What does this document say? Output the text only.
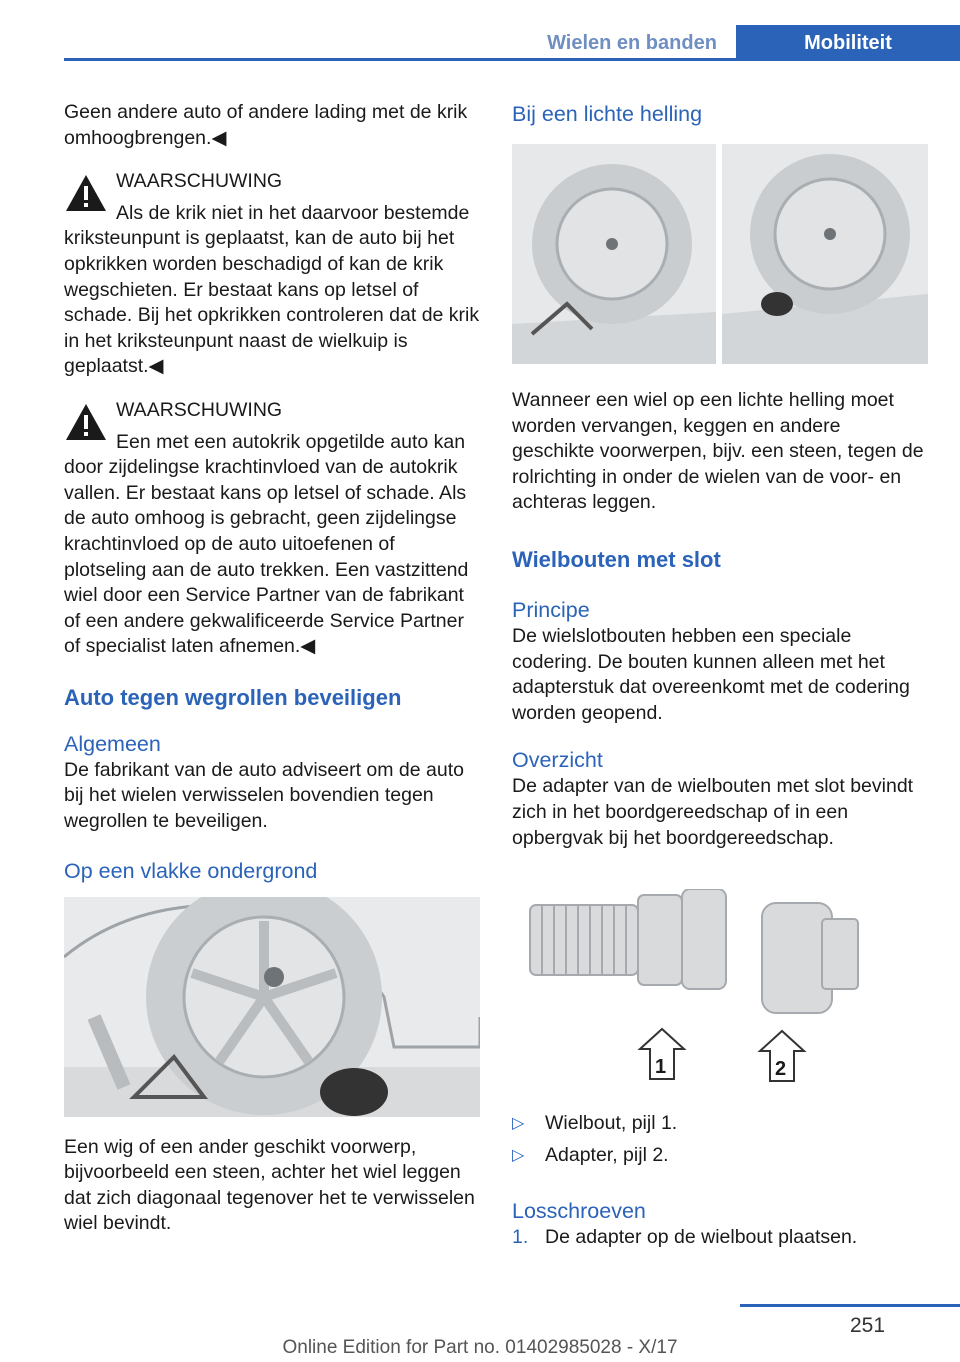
Wielen en banden	Mobiliteit

Geen andere auto of andere lading met de krik omhoogbrengen.◀

WAARSCHUWING
Als de krik niet in het daarvoor bestemde kriksteunpunt is geplaatst, kan de auto bij het opkrikken worden beschadigd of kan de krik wegschieten. Er bestaat kans op letsel of schade. Bij het opkrikken controleren dat de krik in het kriksteunpunt naast de wielkuip is geplaatst.◀
WAARSCHUWING
Een met een autokrik opgetilde auto kan door zijdelingse krachtinvloed van de autokrik vallen. Er bestaat kans op letsel of schade. Als de auto omhoog is gebracht, geen zijdelingse krachtinvloed op de auto uitoefenen of plotseling aan de auto trekken. Een vastzittend wiel door een Service Partner van de fabrikant of een andere gekwalificeerde Service Partner of specialist laten afnemen.◀
Auto tegen wegrollen beveiligen
Algemeen

De fabrikant van de auto adviseert om de auto bij het wielen verwisselen bovendien tegen wegrollen te beveiligen.

Op een vlakke ondergrond

Een wig of een ander geschikt voorwerp, bijvoorbeeld een steen, achter het wiel leggen dat zich diagonaal tegenover het te verwisselen wiel bevindt.

Bij een lichte helling

Wanneer een wiel op een lichte helling moet worden vervangen, keggen en andere geschikte voorwerpen, bijv. een steen, tegen de rolrichting in onder de wielen van de voor- en achteras leggen.

Wielbouten met slot
Principe

De wielslotbouten hebben een speciale codering. De bouten kunnen alleen met het adapterstuk dat overeenkomt met de codering worden geopend.

Overzicht

De adapter van de wielbouten met slot bevindt zich in het boordgereedschap of in een opbergvak bij het boordgereedschap.

1	2
▷ Wielbout, pijl 1.
▷ Adapter, pijl 2.
Losschroeven
1. De adapter op de wielbout plaatsen.
251
Online Edition for Part no. 01402985028 - X/17
